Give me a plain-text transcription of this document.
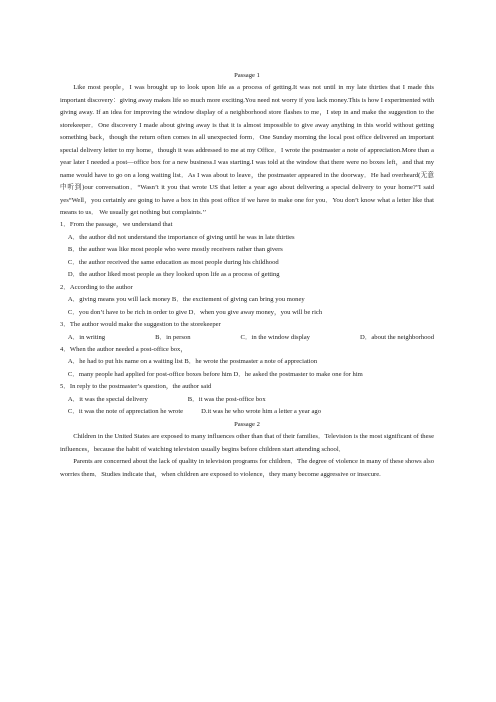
Passage 1

Like most people，I was brought up to look upon life as a process of getting.It was not until in my late thirties that I made this important discovery：giving away makes life so much more exciting.You need not worry if you lack money.This is how I experimented with giving away. If an idea for improving the window display of a neighborhood store flashes to me，I step in and make the suggestion to the storekeeper．One discovery I made about giving away is that it is almost impossible to give away anything in this world without getting something back，though the return often comes in all unexpected form．One Sunday morning the local post office delivered an important special delivery letter to my home，though it was addressed to me at my Office．I wrote the postmaster a note of appreciation.More than a year later I needed a post—office box for a new business.I was starting.I was told at the window that there were no boxes left，and that my name would have to go on a long waiting list．As I was about to leave，the postmaster appeared in the doorway．He had overheard(无意中听到)our conversation．“Wasn’t it you that wrote US that letter a year ago about delivering a special delivery to your home?”I said yes“Well，you certainly are going to have a box in this post office if we have to make one for you．You don’t know what a letter like that means to us． We usually get nothing but complaints.’’

1．From the passage，we understand that

A．the author did not understand the importance of giving until he was in late thirties

B．the author was like most people who were mostly receivers rather than givers

C．the author received the same education as most people during his childhood

D．the author liked most people as they looked upon life as a process of getting

2．According to the author

A．giving means you will lack money B．the excitement of giving can bring you money

C．you don’t have to be rich in order to give D．when you give away money，you will be rich

3．The author would make the suggestion to the storekeeper

A．in writing	B．in person	C．in the window display	D．about the neighborhood

4．When the author needed a post-office box，

A．he had to put his name on a waiting list B．he wrote the postmaster a note of appreciation

C．many people had applied for post-office boxes before him D．he asked the postmaster to make one for him

5．In reply to the postmaster’s question，the author said

A．it was the special delivery	B．it was the post-office box
C．it was the note of appreciation he wrote	D.it was he who wrote him a letter a year ago

Passage 2

Children in the United States are exposed to many influences other than that of their families．Television is the most significant of these influences，because the habit of watching television usually begins before children start attending school．

Parents are concerned about the lack of quality in television programs for children．The degree of violence in many of these shows also worries them．Studies indicate that，when children are exposed to violence，they many become aggressive or insecure.
